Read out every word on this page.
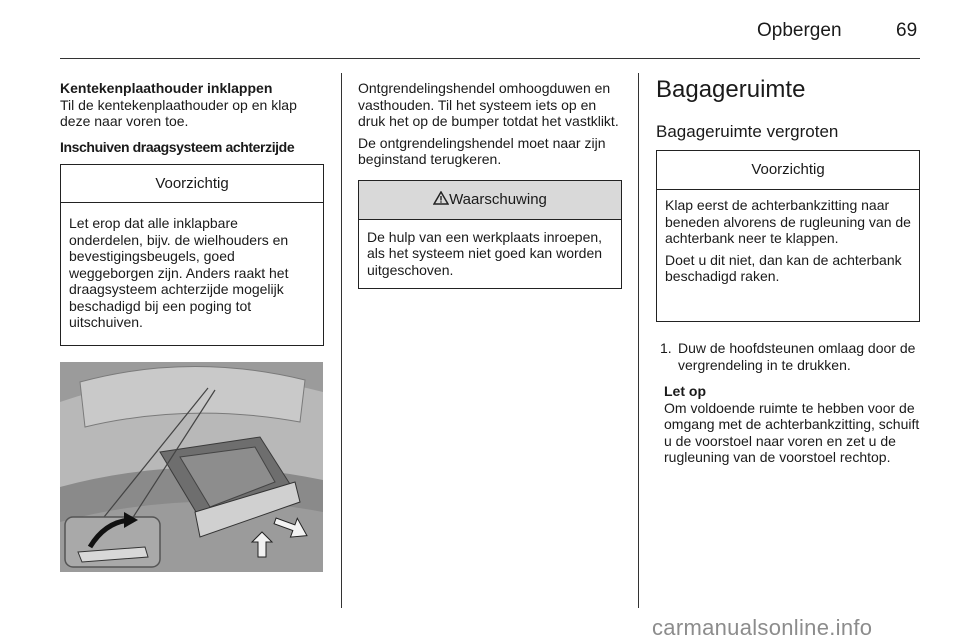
Opbergen	69

Kentekenplaathouder inklappen

Til de kentekenplaathouder op en klap deze naar voren toe.

Inschuiven draagsysteem achterzijde

Voorzichtig
Let erop dat alle inklapbare onderdelen, bijv. de wielhouders en bevestigingsbeugels, goed weggeborgen zijn. Anders raakt het draagsysteem achterzijde mogelijk beschadigd bij een poging tot uitschuiven.

Ontgrendelingshendel omhoogduwen en vasthouden. Til het systeem iets op en druk het op de bumper totdat het vastklikt.

De ontgrendelingshendel moet naar zijn beginstand terugkeren.

Waarschuwing
De hulp van een werkplaats inroepen, als het systeem niet goed kan worden uitgeschoven.

Bagageruimte

Bagageruimte vergroten

Voorzichtig

Klap eerst de achterbankzitting naar beneden alvorens de rugleuning van de achterbank neer te klappen.

Doet u dit niet, dan kan de achterbank beschadigd raken.

1. Duw de hoofdsteunen omlaag door de vergrendeling in te drukken.

Let op

Om voldoende ruimte te hebben voor de omgang met de achterbankzitting, schuift u de voorstoel naar voren en zet u de rugleuning van de voorstoel rechtop.

carmanualsonline.info
